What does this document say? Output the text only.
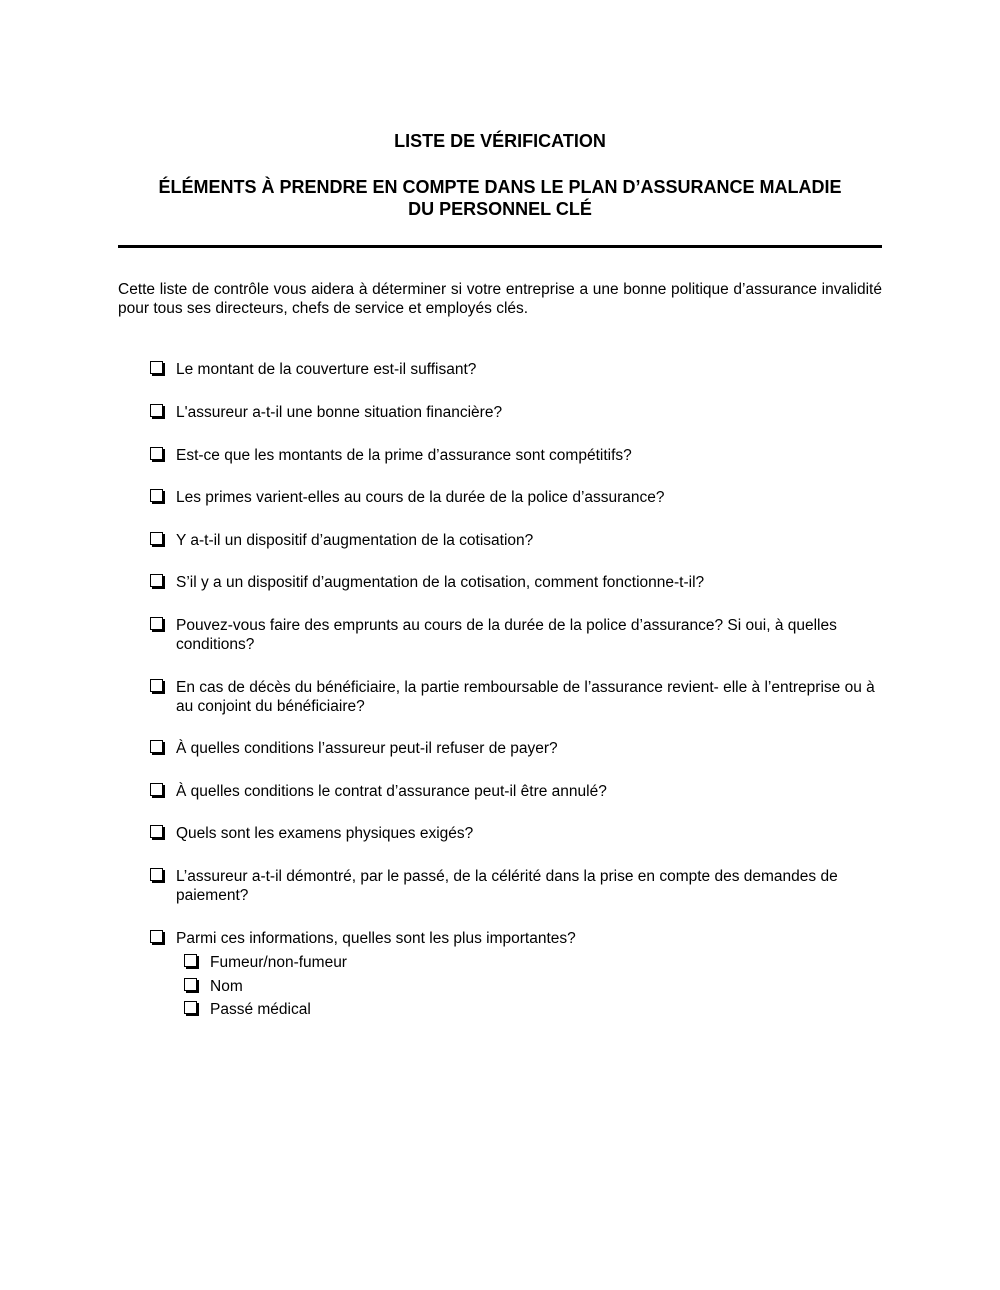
LISTE DE VÉRIFICATION
ÉLÉMENTS À PRENDRE EN COMPTE DANS LE PLAN D’ASSURANCE MALADIE
DU PERSONNEL CLÉ
Cette liste de contrôle vous aidera à déterminer si votre entreprise a une bonne politique d’assurance invalidité pour tous ses directeurs, chefs de service et employés clés.
Le montant de la couverture est-il suffisant?
L'assureur a-t-il une bonne situation financière?
Est-ce que les montants de la prime d’assurance sont compétitifs?
Les primes varient-elles au cours de la durée de la police d’assurance?
Y a-t-il un dispositif d’augmentation de la cotisation?
S’il y a un dispositif d’augmentation de la cotisation, comment fonctionne-t-il?
Pouvez-vous faire des emprunts au cours de la durée de la police d’assurance? Si oui, à quelles conditions?
En cas de décès du bénéficiaire, la partie remboursable de l’assurance revient- elle à l’entreprise ou à au conjoint du bénéficiaire?
À quelles conditions l’assureur peut-il refuser de payer?
À quelles conditions le contrat d’assurance peut-il être annulé?
Quels sont les examens physiques exigés?
L’assureur a-t-il démontré, par le passé, de la célérité dans la prise en compte des demandes de paiement?
Parmi ces informations, quelles sont les plus importantes?
Fumeur/non-fumeur
Nom
Passé médical
